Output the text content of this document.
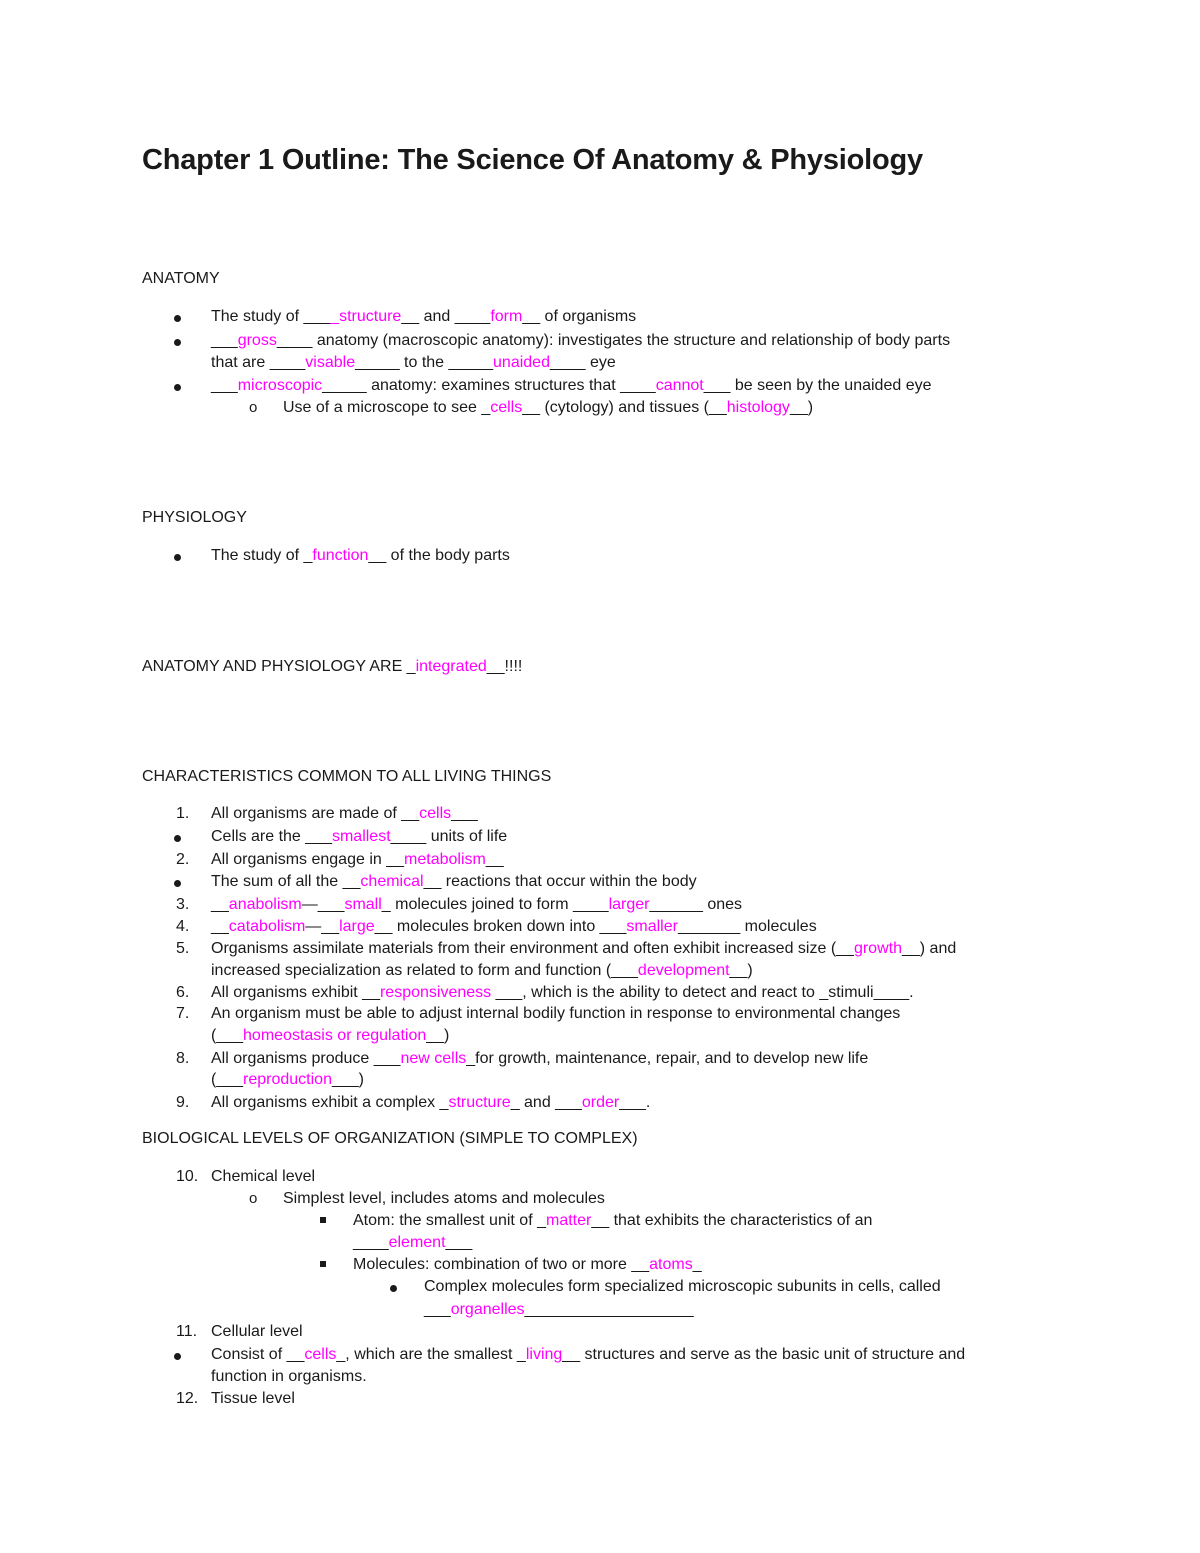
Chapter 1 Outline: The Science Of Anatomy & Physiology

ANATOMY

The study of ____structure__ and ____form__ of organisms

___gross____ anatomy (macroscopic anatomy): investigates the structure and relationship of body parts

that are ____visable_____ to the _____unaided____ eye

___microscopic_____ anatomy: examines structures that ____cannot___ be seen by the unaided eye

o Use of a microscope to see _cells__ (cytology) and tissues (__histology__)

PHYSIOLOGY

The study of _function__ of the body parts

ANATOMY AND PHYSIOLOGY ARE _integrated__!!!!

CHARACTERISTICS COMMON TO ALL LIVING THINGS

1. All organisms are made of __cells___

Cells are the ___smallest____ units of life

2. All organisms engage in __metabolism__

The sum of all the __chemical__ reactions that occur within the body

3. __anabolism—___small_ molecules joined to form ____larger______ ones

4. __catabolism—__large__ molecules broken down into ___smaller_______ molecules

5. Organisms assimilate materials from their environment and often exhibit increased size (__growth__) and

increased specialization as related to form and function (___development__)

6. All organisms exhibit __responsiveness ___, which is the ability to detect and react to _stimuli____.

7. An organism must be able to adjust internal bodily function in response to environmental changes

(___homeostasis or regulation__)

8. All organisms produce ___new cells_for growth, maintenance, repair, and to develop new life

(___reproduction___)

9. All organisms exhibit a complex _structure_ and ___order___.

BIOLOGICAL LEVELS OF ORGANIZATION (SIMPLE TO COMPLEX)

10. Chemical level

o Simplest level, includes atoms and molecules

Atom: the smallest unit of _matter__ that exhibits the characteristics of an

____element___

Molecules: combination of two or more __atoms_

Complex molecules form specialized microscopic subunits in cells, called

___organelles___________________

11. Cellular level

Consist of __cells_, which are the smallest _living__ structures and serve as the basic unit of structure and

function in organisms.

12. Tissue level
